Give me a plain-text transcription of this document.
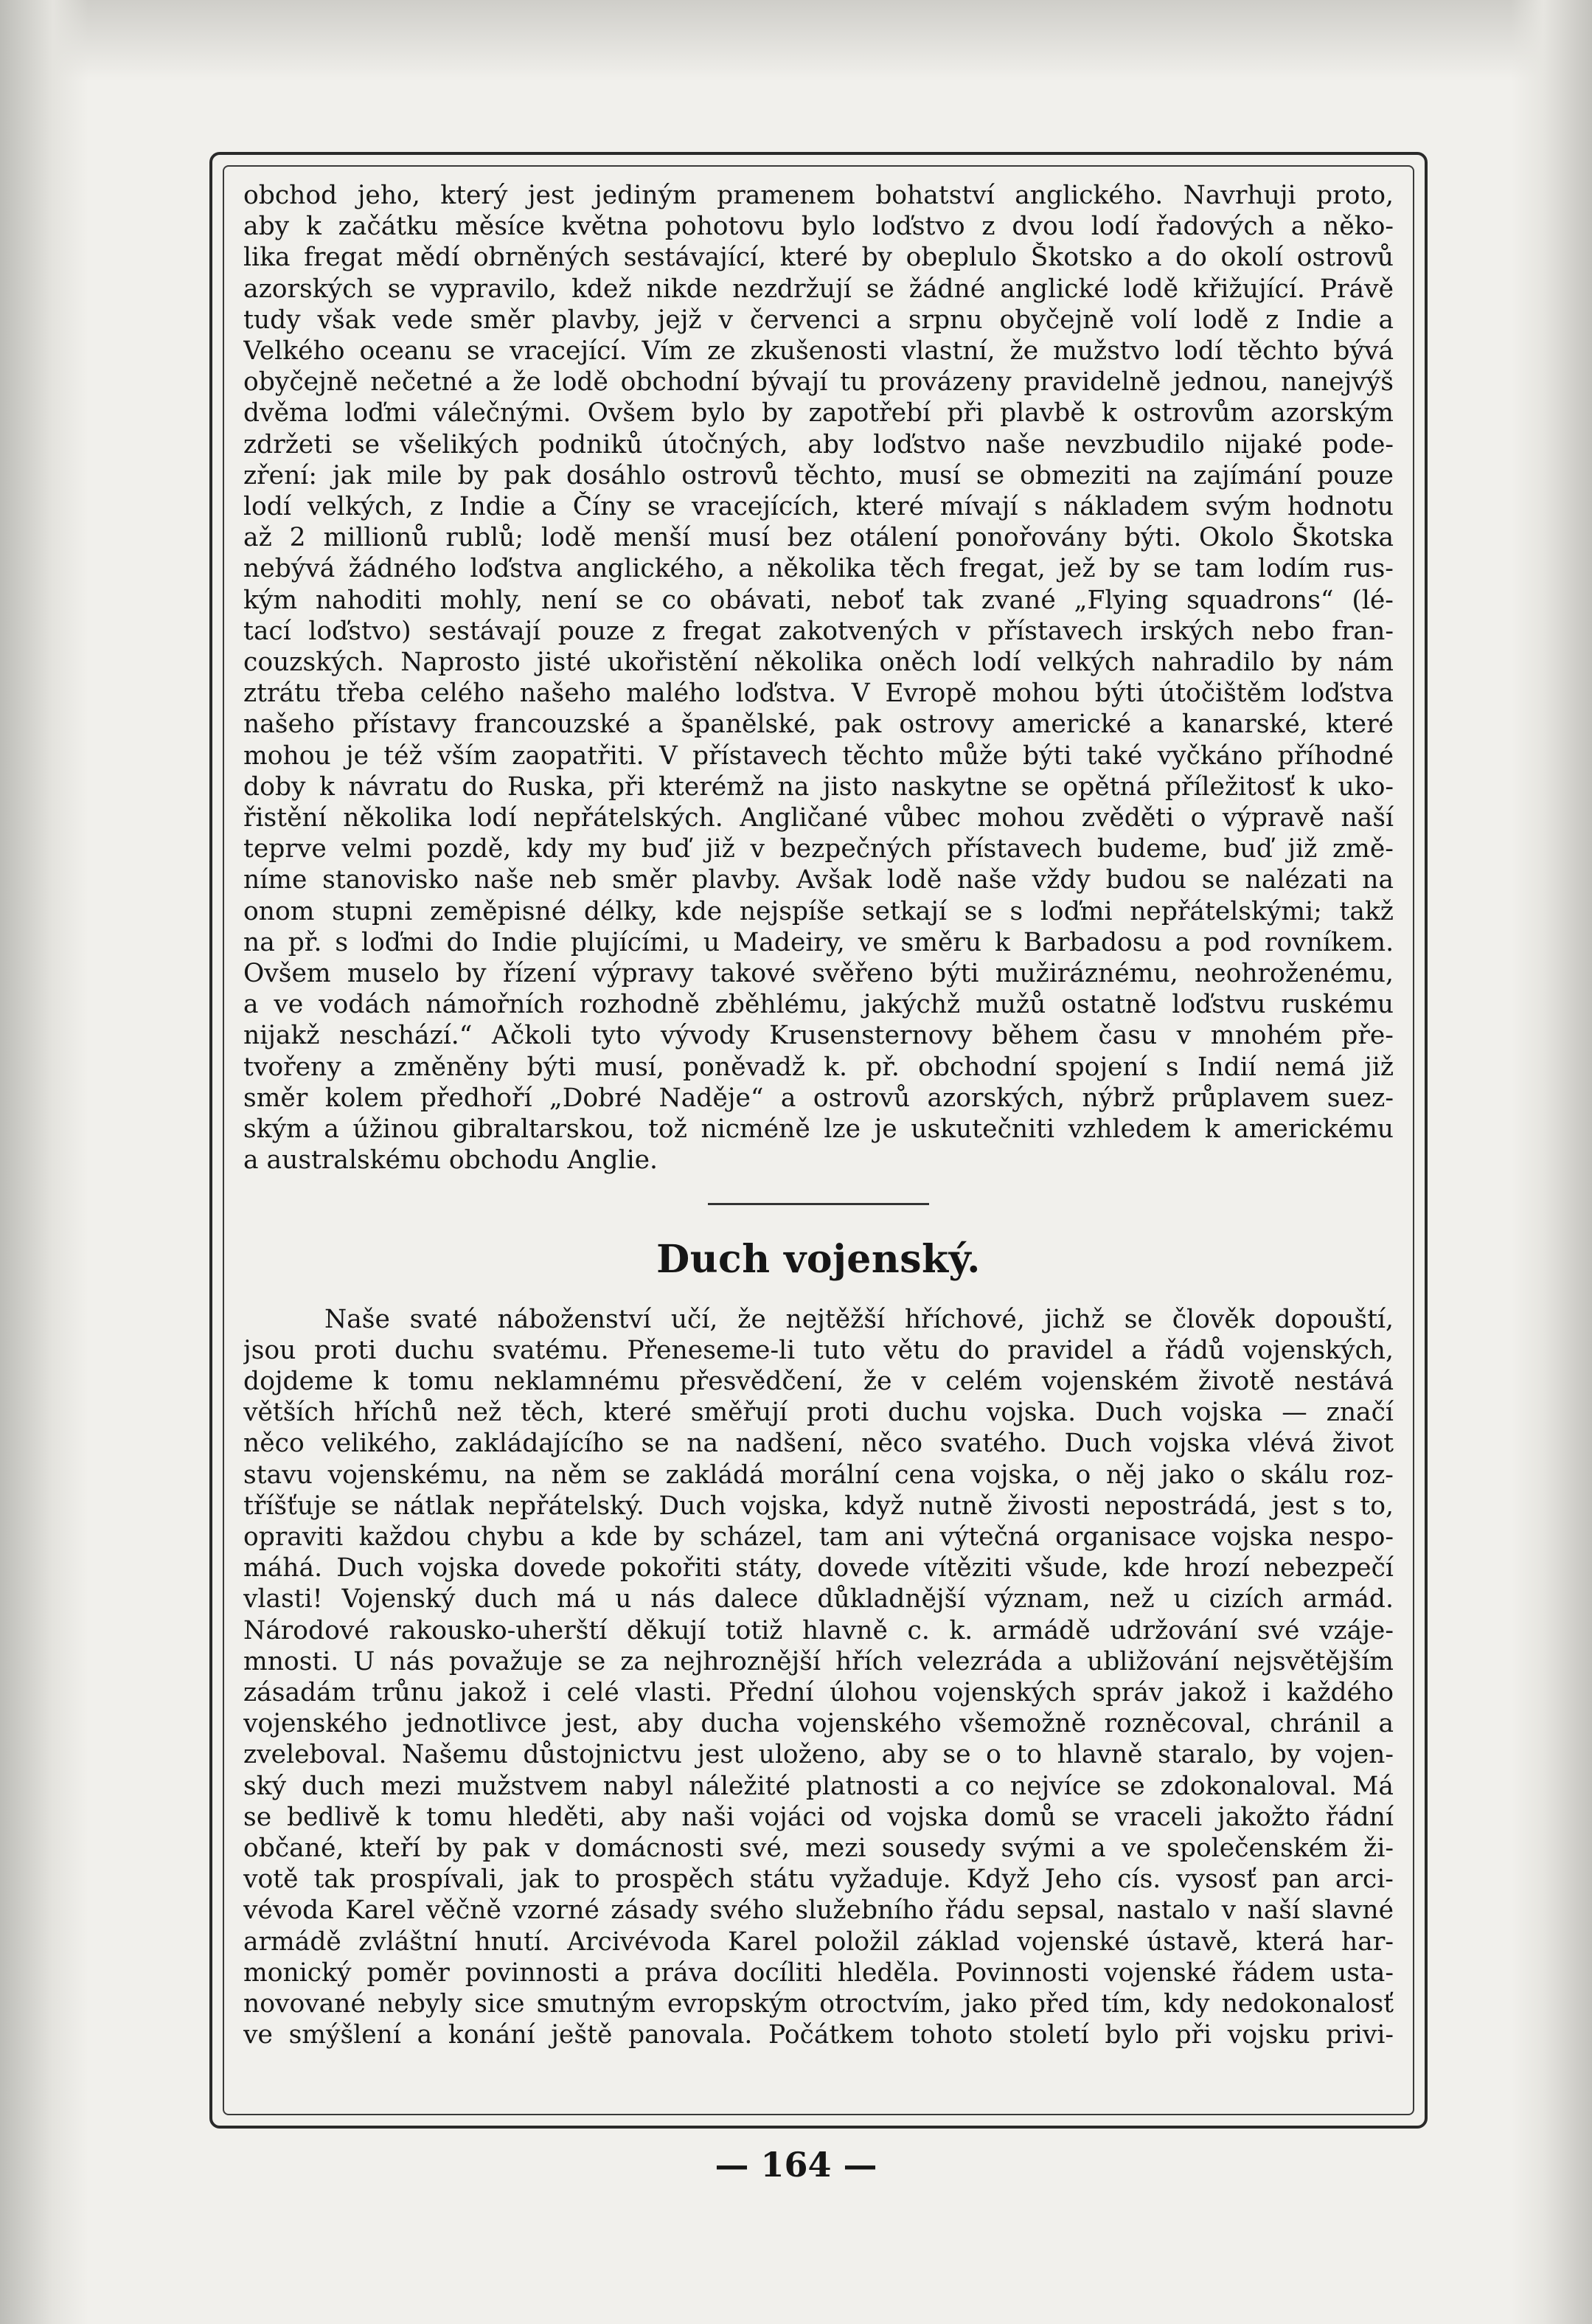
obchod jeho, který jest jediným pramenem bohatství anglického. Navrhuji proto,
aby k začátku měsíce května pohotovu bylo loďstvo z dvou lodí řadových a něko-
lika fregat mědí obrněných sestávající, které by obeplulo Škotsko a do okolí ostrovů
azorských se vypravilo, kdež nikde nezdržují se žádné anglické lodě křižující. Právě
tudy však vede směr plavby, jejž v červenci a srpnu obyčejně volí lodě z Indie a
Velkého oceanu se vracející. Vím ze zkušenosti vlastní, že mužstvo lodí těchto bývá
obyčejně nečetné a že lodě obchodní bývají tu provázeny pravidelně jednou, nanejvýš
dvěma loďmi válečnými. Ovšem bylo by zapotřebí při plavbě k ostrovům azorským
zdržeti se všelikých podniků útočných, aby loďstvo naše nevzbudilo nijaké pode-
zření: jak mile by pak dosáhlo ostrovů těchto, musí se obmeziti na zajímání pouze
lodí velkých, z Indie a Číny se vracejících, které mívají s nákladem svým hodnotu
až 2 millionů rublů; lodě menší musí bez otálení ponořovány býti. Okolo Škotska
nebývá žádného loďstva anglického, a několika těch fregat, jež by se tam lodím rus-
kým nahoditi mohly, není se co obávati, neboť tak zvané „Flying squadrons“ (lé-
tací loďstvo) sestávají pouze z fregat zakotvených v přístavech irských nebo fran-
couzských. Naprosto jisté ukořistění několika oněch lodí velkých nahradilo by nám
ztrátu třeba celého našeho malého loďstva. V Evropě mohou býti útočištěm loďstva
našeho přístavy francouzské a španělské, pak ostrovy americké a kanarské, které
mohou je též vším zaopatřiti. V přístavech těchto může býti také vyčkáno příhodné
doby k návratu do Ruska, při kterémž na jisto naskytne se opětná příležitosť k uko-
řistění několika lodí nepřátelských. Angličané vůbec mohou zvěděti o výpravě naší
teprve velmi pozdě, kdy my buď již v bezpečných přístavech budeme, buď již změ-
níme stanovisko naše neb směr plavby. Avšak lodě naše vždy budou se nalézati na
onom stupni zeměpisné délky, kde nejspíše setkají se s loďmi nepřátelskými; takž
na př. s loďmi do Indie plujícími, u Madeiry, ve směru k Barbadosu a pod rovníkem.
Ovšem muselo by řízení výpravy takové svěřeno býti mužiráznému, neohroženému,
a ve vodách námořních rozhodně zběhlému, jakýchž mužů ostatně loďstvu ruskému
nijakž neschází.“ Ačkoli tyto vývody Krusensternovy během času v mnohém pře-
tvořeny a změněny býti musí, poněvadž k. př. obchodní spojení s Indií nemá již
směr kolem předhoří „Dobré Naděje“ a ostrovů azorských, nýbrž průplavem suez-
ským a úžinou gibraltarskou, tož nicméně lze je uskutečniti vzhledem k americkému
a australskému obchodu Anglie.
Duch vojenský.
Naše svaté náboženství učí, že nejtěžší hříchové, jichž se člověk dopouští,
jsou proti duchu svatému. Přeneseme-li tuto větu do pravidel a řádů vojenských,
dojdeme k tomu neklamnému přesvědčení, že v celém vojenském životě nestává
větších hříchů než těch, které směřují proti duchu vojska. Duch vojska — značí
něco velikého, zakládajícího se na nadšení, něco svatého. Duch vojska vlévá život
stavu vojenskému, na něm se zakládá morální cena vojska, o něj jako o skálu roz-
tříšťuje se nátlak nepřátelský. Duch vojska, když nutně živosti nepostrádá, jest s to,
opraviti každou chybu a kde by scházel, tam ani výtečná organisace vojska nespo-
máhá. Duch vojska dovede pokořiti státy, dovede vítěziti všude, kde hrozí nebezpečí
vlasti! Vojenský duch má u nás dalece důkladnější význam, než u cizích armád.
Národové rakousko-uherští děkují totiž hlavně c. k. armádě udržování své vzáje-
mnosti. U nás považuje se za nejhroznější hřích velezráda a ubližování nejsvětějším
zásadám trůnu jakož i celé vlasti. Přední úlohou vojenských správ jakož i každého
vojenského jednotlivce jest, aby ducha vojenského všemožně rozněcoval, chránil a
zveleboval. Našemu důstojnictvu jest uloženo, aby se o to hlavně staralo, by vojen-
ský duch mezi mužstvem nabyl náležité platnosti a co nejvíce se zdokonaloval. Má
se bedlivě k tomu hleděti, aby naši vojáci od vojska domů se vraceli jakožto řádní
občané, kteří by pak v domácnosti své, mezi sousedy svými a ve společenském ži-
votě tak prospívali, jak to prospěch státu vyžaduje. Když Jeho cís. vysosť pan arci-
vévoda Karel věčně vzorné zásady svého služebního řádu sepsal, nastalo v naší slavné
armádě zvláštní hnutí. Arcivévoda Karel položil základ vojenské ústavě, která har-
monický poměr povinnosti a práva docíliti hleděla. Povinnosti vojenské řádem usta-
novované nebyly sice smutným evropským otroctvím, jako před tím, kdy nedokonalosť
ve smýšlení a konání ještě panovala. Počátkem tohoto století bylo při vojsku privi-
— 164 —
